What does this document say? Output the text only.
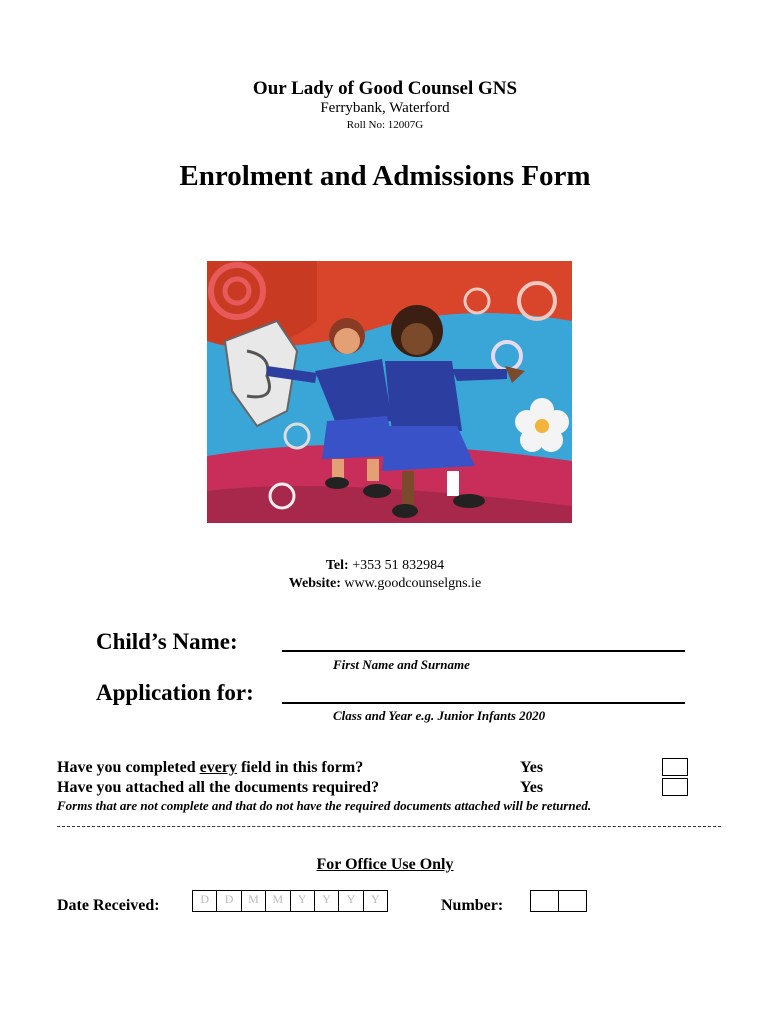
Our Lady of Good Counsel GNS
Ferrybank, Waterford
Roll No: 12007G
Enrolment and Admissions Form
Tel: +353 51 832984
Website: www.goodcounselgns.ie
Child’s Name:
First Name and Surname
Application for:
Class and Year e.g. Junior Infants 2020
Have you completed every field in this form?	Yes
Have you attached all the documents required?	Yes
Forms that are not complete and that do not have the required documents attached will be returned.
For Office Use Only
Date Received:	D	D	M	M	Y	Y	Y	Y	Number:
